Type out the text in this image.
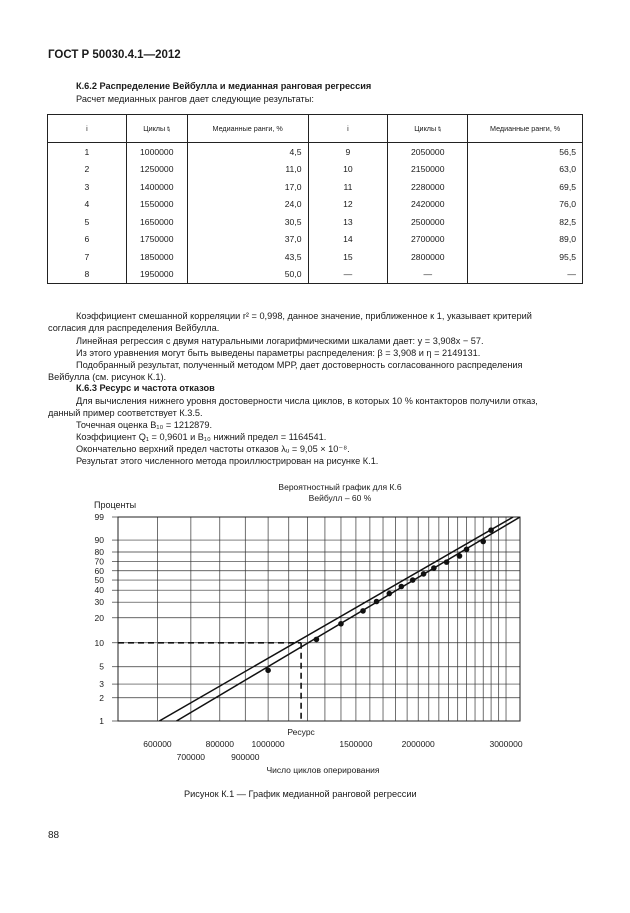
ГОСТ Р 50030.4.1—2012
К.6.2 Распределение Вейбулла и медианная ранговая регрессия
Расчет медианных рангов дает следующие результаты:
i	Циклы tᵢ	Медианные ранги, %	i	Циклы tᵢ	Медианные ранги, %
1	1000000	4,5	9	2050000	56,5
2	1250000	11,0	10	2150000	63,0
3	1400000	17,0	11	2280000	69,5
4	1550000	24,0	12	2420000	76,0
5	1650000	30,5	13	2500000	82,5
6	1750000	37,0	14	2700000	89,0
7	1850000	43,5	15	2800000	95,5
8	1950000	50,0	—	—	—
Коэффициент смешанной корреляции r² = 0,998, данное значение, приближенное к 1, указывает критерий
согласия для распределения Вейбулла.
Линейная регрессия с двумя натуральными логарифмическими шкалами дает: y = 3,908x − 57.
Из этого уравнения могут быть выведены параметры распределения: β = 3,908 и η = 2149131.
Подобранный результат, полученный методом МРР, дает достоверность согласованного распределения
Вейбулла (см. рисунок К.1).
К.6.3 Ресурс и частота отказов
Для вычисления нижнего уровня достоверности числа циклов, в которых 10 % контакторов получили отказ,
данный пример соответствует К.3.5.
Точечная оценка B₁₀ = 1212879.
Коэффициент Q₁ = 0,9601 и B₁₀ нижний предел = 1164541.
Окончательно верхний предел частоты отказов λᵤ = 9,05 × 10⁻⁸.
Результат этого численного метода проиллюстрирован на рисунке К.1.
Вероятностный график для К.6
Вейбулл – 60 %
1
2
3
5
10
20
30
40
50
60
70
80
90
99
600000
700000
800000
900000
1000000	1500000	2000000	3000000
Проценты
Число циклов оперирования
Ресурс
Рисунок К.1 — График медианной ранговой регрессии
88
